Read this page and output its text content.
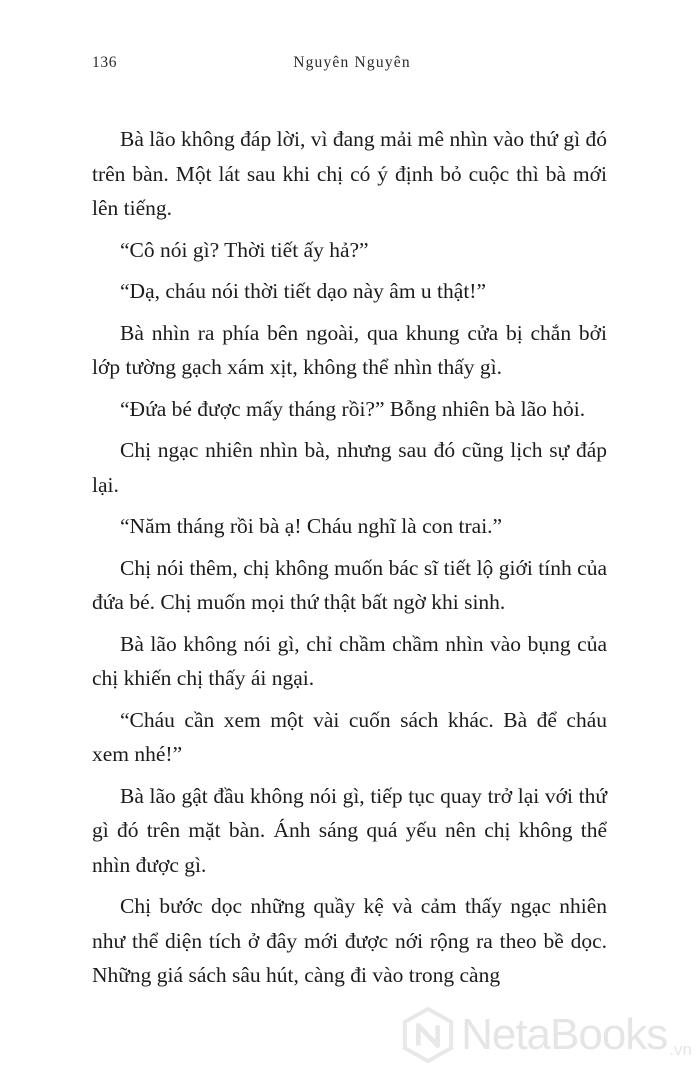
136	Nguyên Nguyên

Bà lão không đáp lời, vì đang mải mê nhìn vào thứ gì đó trên bàn. Một lát sau khi chị có ý định bỏ cuộc thì bà mới lên tiếng.

“Cô nói gì? Thời tiết ấy hả?”

“Dạ, cháu nói thời tiết dạo này âm u thật!”

Bà nhìn ra phía bên ngoài, qua khung cửa bị chắn bởi lớp tường gạch xám xịt, không thể nhìn thấy gì.

“Đứa bé được mấy tháng rồi?” Bỗng nhiên bà lão hỏi.

Chị ngạc nhiên nhìn bà, nhưng sau đó cũng lịch sự đáp lại.

“Năm tháng rồi bà ạ! Cháu nghĩ là con trai.”

Chị nói thêm, chị không muốn bác sĩ tiết lộ giới tính của đứa bé. Chị muốn mọi thứ thật bất ngờ khi sinh.

Bà lão không nói gì, chỉ chầm chầm nhìn vào bụng của chị khiến chị thấy ái ngại.

“Cháu cần xem một vài cuốn sách khác. Bà để cháu xem nhé!”

Bà lão gật đầu không nói gì, tiếp tục quay trở lại với thứ gì đó trên mặt bàn. Ánh sáng quá yếu nên chị không thể nhìn được gì.

Chị bước dọc những quầy kệ và cảm thấy ngạc nhiên như thể diện tích ở đây mới được nới rộng ra theo bề dọc. Những giá sách sâu hút, càng đi vào trong càng

NetaBooks .vn
